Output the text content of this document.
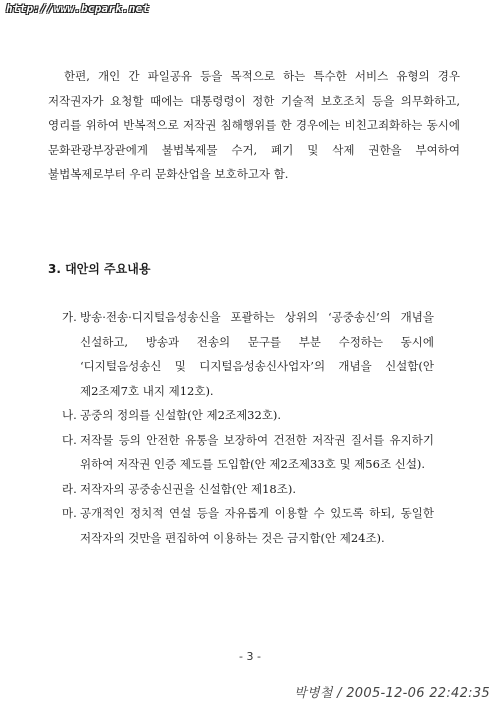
http://www.bcpark.net

한편, 개인 간 파일공유 등을 목적으로 하는 특수한 서비스 유형의 경우 저작권자가 요청할 때에는 대통령령이 정한 기술적 보호조치 등을 의무화하고, 영리를 위하여 반복적으로 저작권 침해행위를 한 경우에는 비친고죄화하는 동시에 문화관광부장관에게 불법복제물 수거, 폐기 및 삭제 권한을 부여하여 불법복제로부터 우리 문화산업을 보호하고자 함.

3. 대안의 주요내용
가. 방송·전송·디지털음성송신을 포괄하는 상위의 ‘공중송신’의 개념을 신설하고, 방송과 전송의 문구를 부분 수정하는 동시에 ‘디지털음성송신 및 디지털음성송신사업자’의 개념을 신설함(안 제2조제7호 내지 제12호).
나. 공중의 정의를 신설함(안 제2조제32호).
다. 저작물 등의 안전한 유통을 보장하여 건전한 저작권 질서를 유지하기 위하여 저작권 인증 제도를 도입함(안 제2조제33호 및 제56조 신설).
라. 저작자의 공중송신권을 신설함(안 제18조).
마. 공개적인 정치적 연설 등을 자유롭게 이용할 수 있도록 하되, 동일한 저작자의 것만을 편집하여 이용하는 것은 금지함(안 제24조).
- 3 -
박병철 / 2005-12-06 22:42:35
